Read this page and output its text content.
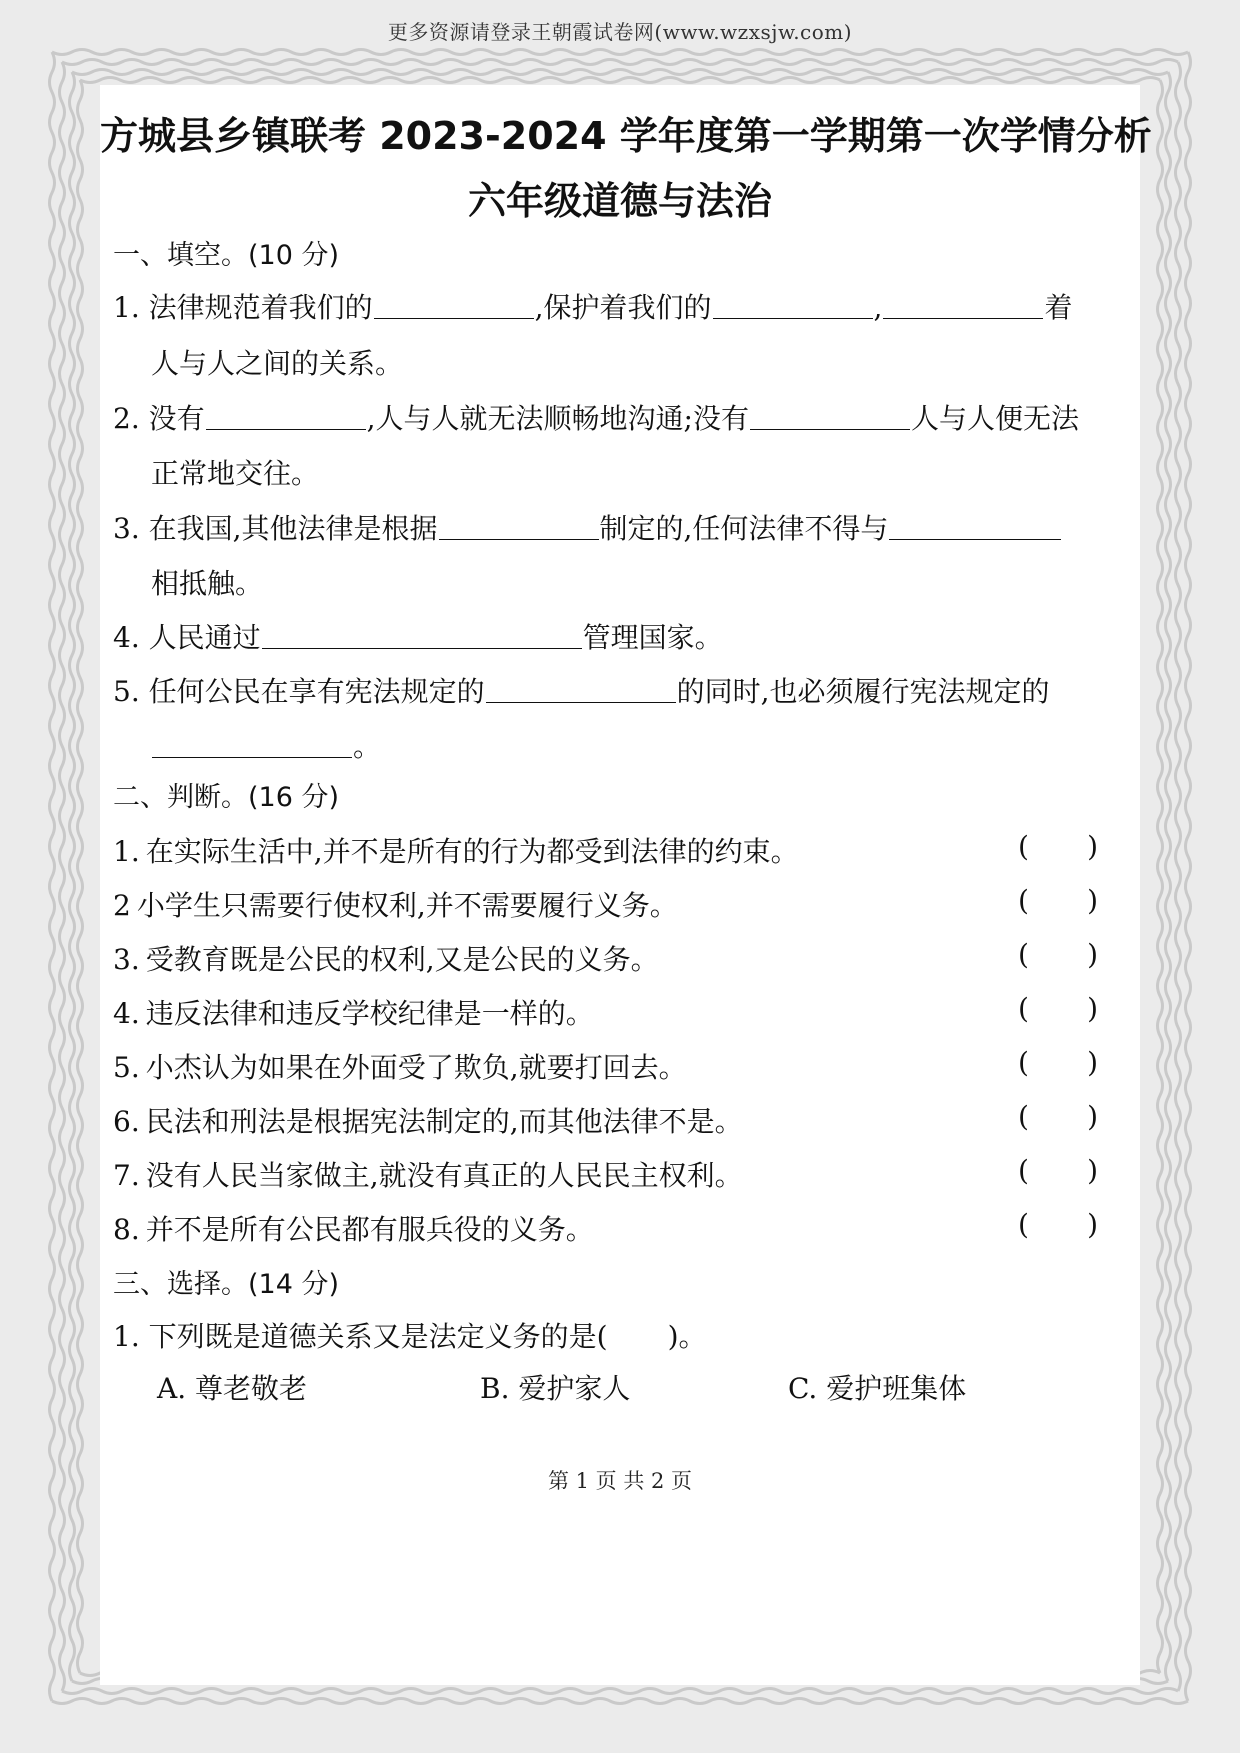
更多资源请登录王朝霞试卷网(www.wzxsjw.com)
方城县乡镇联考 2023-2024 学年度第一学期第一次学情分析
六年级道德与法治
一、填空。(10 分)
1. 法律规范着我们的	,保护着我们的	,	着
人与人之间的关系。
2. 没有	,人与人就无法顺畅地沟通;没有	人与人便无法
正常地交往。
3. 在我国,其他法律是根据	制定的,任何法律不得与
相抵触。
4. 人民通过	管理国家。
5. 任何公民在享有宪法规定的	的同时,也必须履行宪法规定的
。
二、判断。(16 分)
1. 在实际生活中,并不是所有的行为都受到法律的约束。	( )
2 小学生只需要行使权利,并不需要履行义务。	( )
3. 受教育既是公民的权利,又是公民的义务。	( )
4. 违反法律和违反学校纪律是一样的。	( )
5. 小杰认为如果在外面受了欺负,就要打回去。	( )
6. 民法和刑法是根据宪法制定的,而其他法律不是。	( )
7. 没有人民当家做主,就没有真正的人民民主权利。	( )
8. 并不是所有公民都有服兵役的义务。	( )
三、选择。(14 分)
1. 下列既是道德关系又是法定义务的是( )。
A. 尊老敬老	B. 爱护家人	C. 爱护班集体
第 1 页 共 2 页
